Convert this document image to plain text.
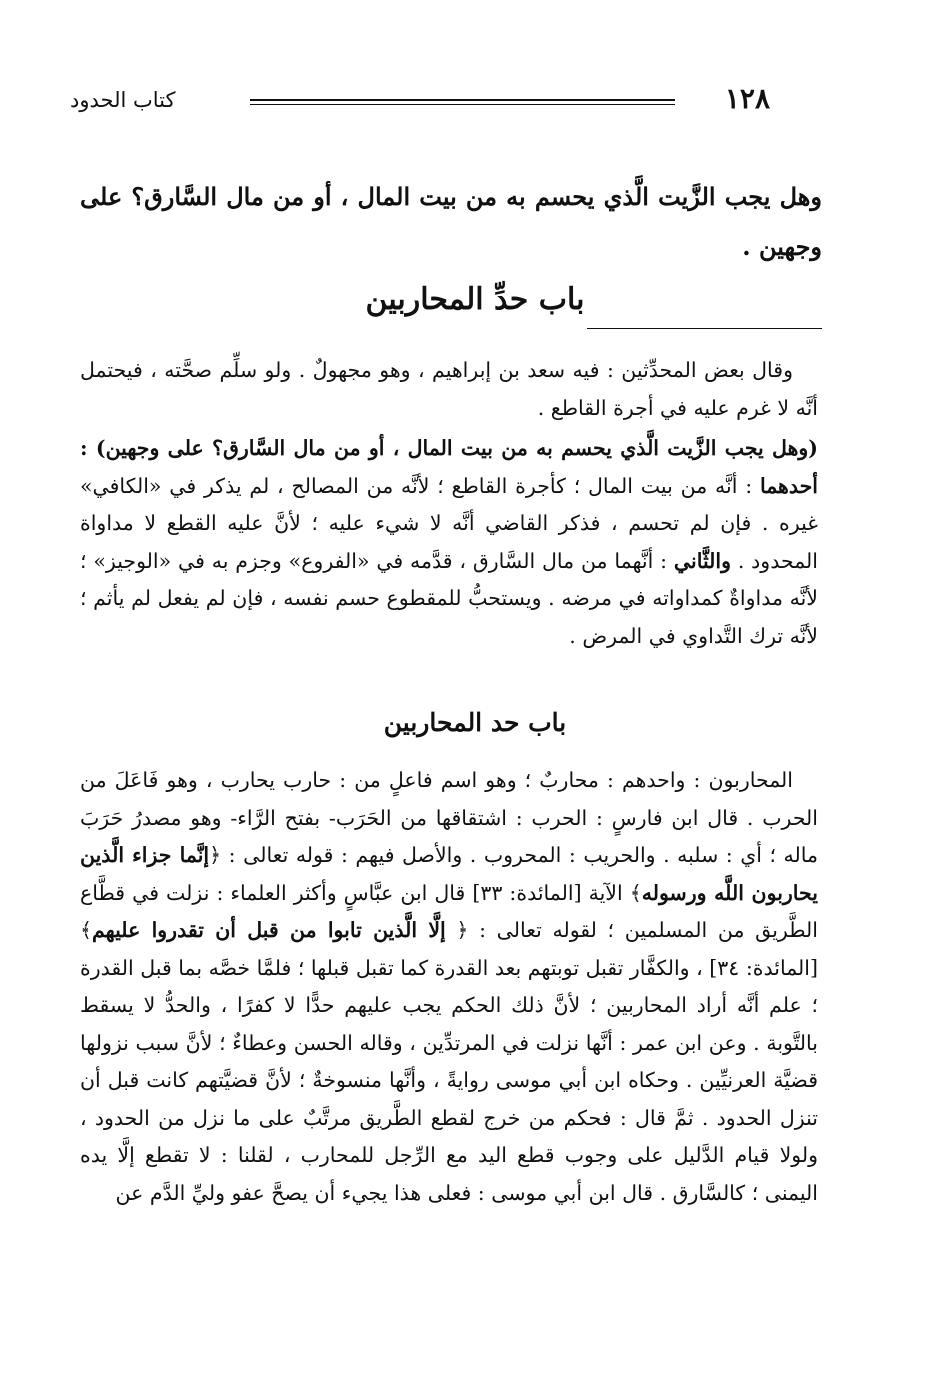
١٢٨
كتاب الحدود
وهل يجب الزَّيت الَّذي يحسم به من بيت المال ، أو من مال السَّارق؟ على وجهين .
باب حدِّ المحاربين

وقال بعض المحدِّثين : فيه سعد بن إبراهيم ، وهو مجهولٌ . ولو سلِّم صحَّته ، فيحتمل أنَّه لا غرم عليه في أجرة القاطع .

(وهل يجب الزَّيت الَّذي يحسم به من بيت المال ، أو من مال السَّارق؟ على وجهين) : أحدهما : أنَّه من بيت المال ؛ كأجرة القاطع ؛ لأنَّه من المصالح ، لم يذكر في «الكافي» غيره . فإن لم تحسم ، فذكر القاضي أنَّه لا شيء عليه ؛ لأنَّ عليه القطع لا مداواة المحدود . والثَّاني : أنَّهما من مال السَّارق ، قدَّمه في «الفروع» وجزم به في «الوجيز» ؛ لأنَّه مداواةٌ كمداواته في مرضه . ويستحبُّ للمقطوع حسم نفسه ، فإن لم يفعل لم يأثم ؛ لأنَّه ترك التَّداوي في المرض .

باب حد المحاربين

المحاربون : واحدهم : محاربٌ ؛ وهو اسم فاعلٍ من : حارب يحارب ، وهو فَاعَلَ من الحرب . قال ابن فارسٍ : الحرب : اشتقاقها من الحَرَب- بفتح الرَّاء- وهو مصدرُ حَرَبَ ماله ؛ أي : سلبه . والحريب : المحروب . والأصل فيهم : قوله تعالى : ﴿إنَّما جزاء الَّذين يحاربون اللَّه ورسوله﴾ الآية [المائدة: ٣٣] قال ابن عبَّاسٍ وأكثر العلماء : نزلت في قطَّاع الطَّريق من المسلمين ؛ لقوله تعالى : ﴿ إلَّا الَّذين تابوا من قبل أن تقدروا عليهم﴾ [المائدة: ٣٤] ، والكفَّار تقبل توبتهم بعد القدرة كما تقبل قبلها ؛ فلمَّا خصَّه بما قبل القدرة ؛ علم أنَّه أراد المحاربين ؛ لأنَّ ذلك الحكم يجب عليهم حدًّا لا كفرًا ، والحدُّ لا يسقط بالتَّوبة . وعن ابن عمر : أنَّها نزلت في المرتدِّين ، وقاله الحسن وعطاءٌ ؛ لأنَّ سبب نزولها قضيَّة العرنيِّين . وحكاه ابن أبي موسى روايةً ، وأنَّها منسوخةٌ ؛ لأنَّ قضيَّتهم كانت قبل أن تنزل الحدود . ثمَّ قال : فحكم من خرج لقطع الطَّريق مرتَّبٌ على ما نزل من الحدود ، ولولا قيام الدَّليل على وجوب قطع اليد مع الرِّجل للمحارب ، لقلنا : لا تقطع إلَّا يده اليمنى ؛ كالسَّارق . قال ابن أبي موسى : فعلى هذا يجيء أن يصحَّ عفو وليِّ الدَّم عن
